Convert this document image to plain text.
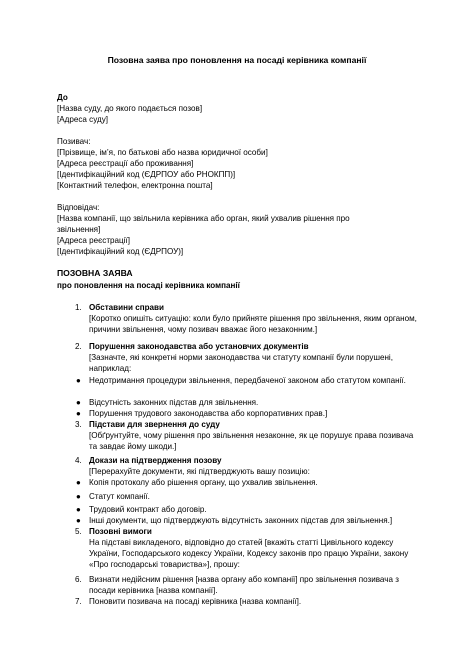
Позовна заява про поновлення на посаді керівника компанії
До
[Назва суду, до якого подається позов]
[Адреса суду]
Позивач:
[Прізвище, ім’я, по батькові або назва юридичної особи]
[Адреса реєстрації або проживання]
[Ідентифікаційний код (ЄДРПОУ або РНОКПП)]
[Контактний телефон, електронна пошта]
Відповідач:
[Назва компанії, що звільнила керівника або орган, який ухвалив рішення про звільнення]
[Адреса реєстрації]
[Ідентифікаційний код (ЄДРПОУ)]
ПОЗОВНА ЗАЯВА
про поновлення на посаді керівника компанії
1. Обставини справи
[Коротко опишіть ситуацію: коли було прийняте рішення про звільнення, яким органом, причини звільнення, чому позивач вважає його незаконним.]
2. Порушення законодавства або установчих документів
[Зазначте, які конкретні норми законодавства чи статуту компанії були порушені, наприклад:
● Недотримання процедури звільнення, передбаченої законом або статутом компанії.
● Відсутність законних підстав для звільнення.
● Порушення трудового законодавства або корпоративних прав.]
3. Підстави для звернення до суду
[Обґрунтуйте, чому рішення про звільнення незаконне, як це порушує права позивача та завдає йому шкоди.]
4. Докази на підтвердження позову
[Перерахуйте документи, які підтверджують вашу позицію:
● Копія протоколу або рішення органу, що ухвалив звільнення.
● Статут компанії.
● Трудовий контракт або договір.
● Інші документи, що підтверджують відсутність законних підстав для звільнення.]
5. Позовні вимоги
На підставі викладеного, відповідно до статей [вкажіть статті Цивільного кодексу України, Господарського кодексу України, Кодексу законів про працю України, закону «Про господарські товариства»], прошу:
6. Визнати недійсним рішення [назва органу або компанії] про звільнення позивача з посади керівника [назва компанії].
7. Поновити позивача на посаді керівника [назва компанії].
